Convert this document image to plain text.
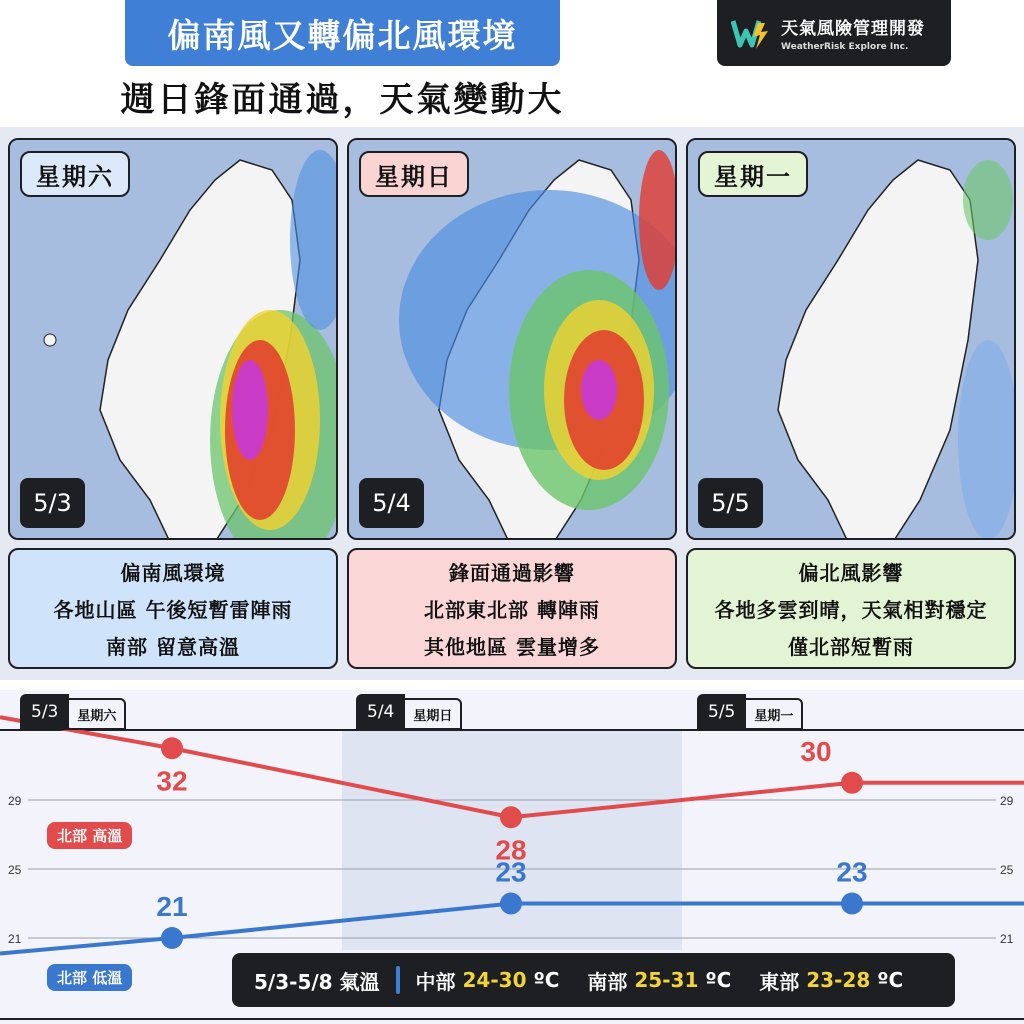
偏南風又轉偏北風環境
週日鋒面通過，天氣變動大
天氣風險管理開發
WeatherRisk Explore Inc.
星期六
5/3
星期日
5/4
星期一
5/5
偏南風環境
各地山區 午後短暫雷陣雨
南部 留意高溫
鋒面通過影響
北部東北部 轉陣雨
其他地區 雲量增多
偏北風影響
各地多雲到晴，天氣相對穩定
僅北部短暫雨
29	29
25	25
21	21
32
28
30
21
23	23
5/3	星期六	5/4	星期日	5/5	星期一
北部 高溫
北部 低溫	5/3-5/8 氣溫 中部
24-30
ºC 南部
25-31
ºC 東部
23-28
ºC
